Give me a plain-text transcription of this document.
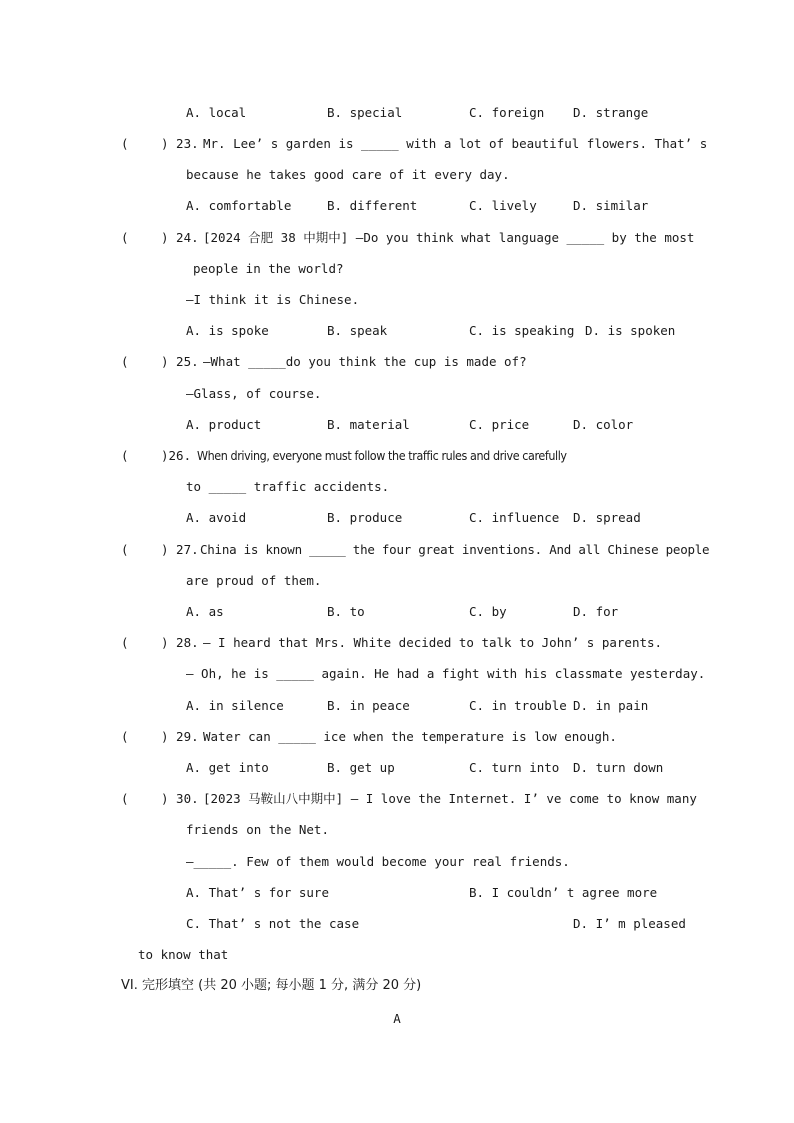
A. local	B. special	C. foreign D. strange
(	) 23. Mr. Lee’ s garden is _____ with a lot of beautiful flowers. That’ s
because he takes good care of it every day.
A. comfortable	B. different	C. lively	D. similar
(	) 24. [2024 合肥 38 中期中] —Do you think what language _____ by the most
people in the world?
—I think it is Chinese.
A. is spoke	B. speak	C. is speaking D. is spoken
(	) 25. —What _____do you think the cup is made of?
—Glass, of course.
A. product	B. material	C. price	D. color
(	)26. When driving, everyone must follow the traffic rules and drive carefully
to _____ traffic accidents.
A. avoid	B. produce	C. influence D. spread
(	) 27. China is known _____ the four great inventions. And all Chinese people
are proud of them.
A. as	B. to	C. by	D. for
(	) 28. — I heard that Mrs. White decided to talk to John’ s parents.
— Oh, he is _____ again. He had a fight with his classmate yesterday.
A. in silence	B. in peace	C. in trouble D. in pain
(	) 29. Water can _____ ice when the temperature is low enough.
A. get into	B. get up	C. turn into D. turn down
(	) 30. [2023 马鞍山八中期中] — I love the Internet. I’ ve come to know many
friends on the Net.
—_____. Few of them would become your real friends.
A. That’ s for sure	B. I couldn’ t agree more
C. That’ s not the case	D. I’ m pleased
to know that
VI. 完形填空 (共 20 小题; 每小题 1 分, 满分 20 分)
A
